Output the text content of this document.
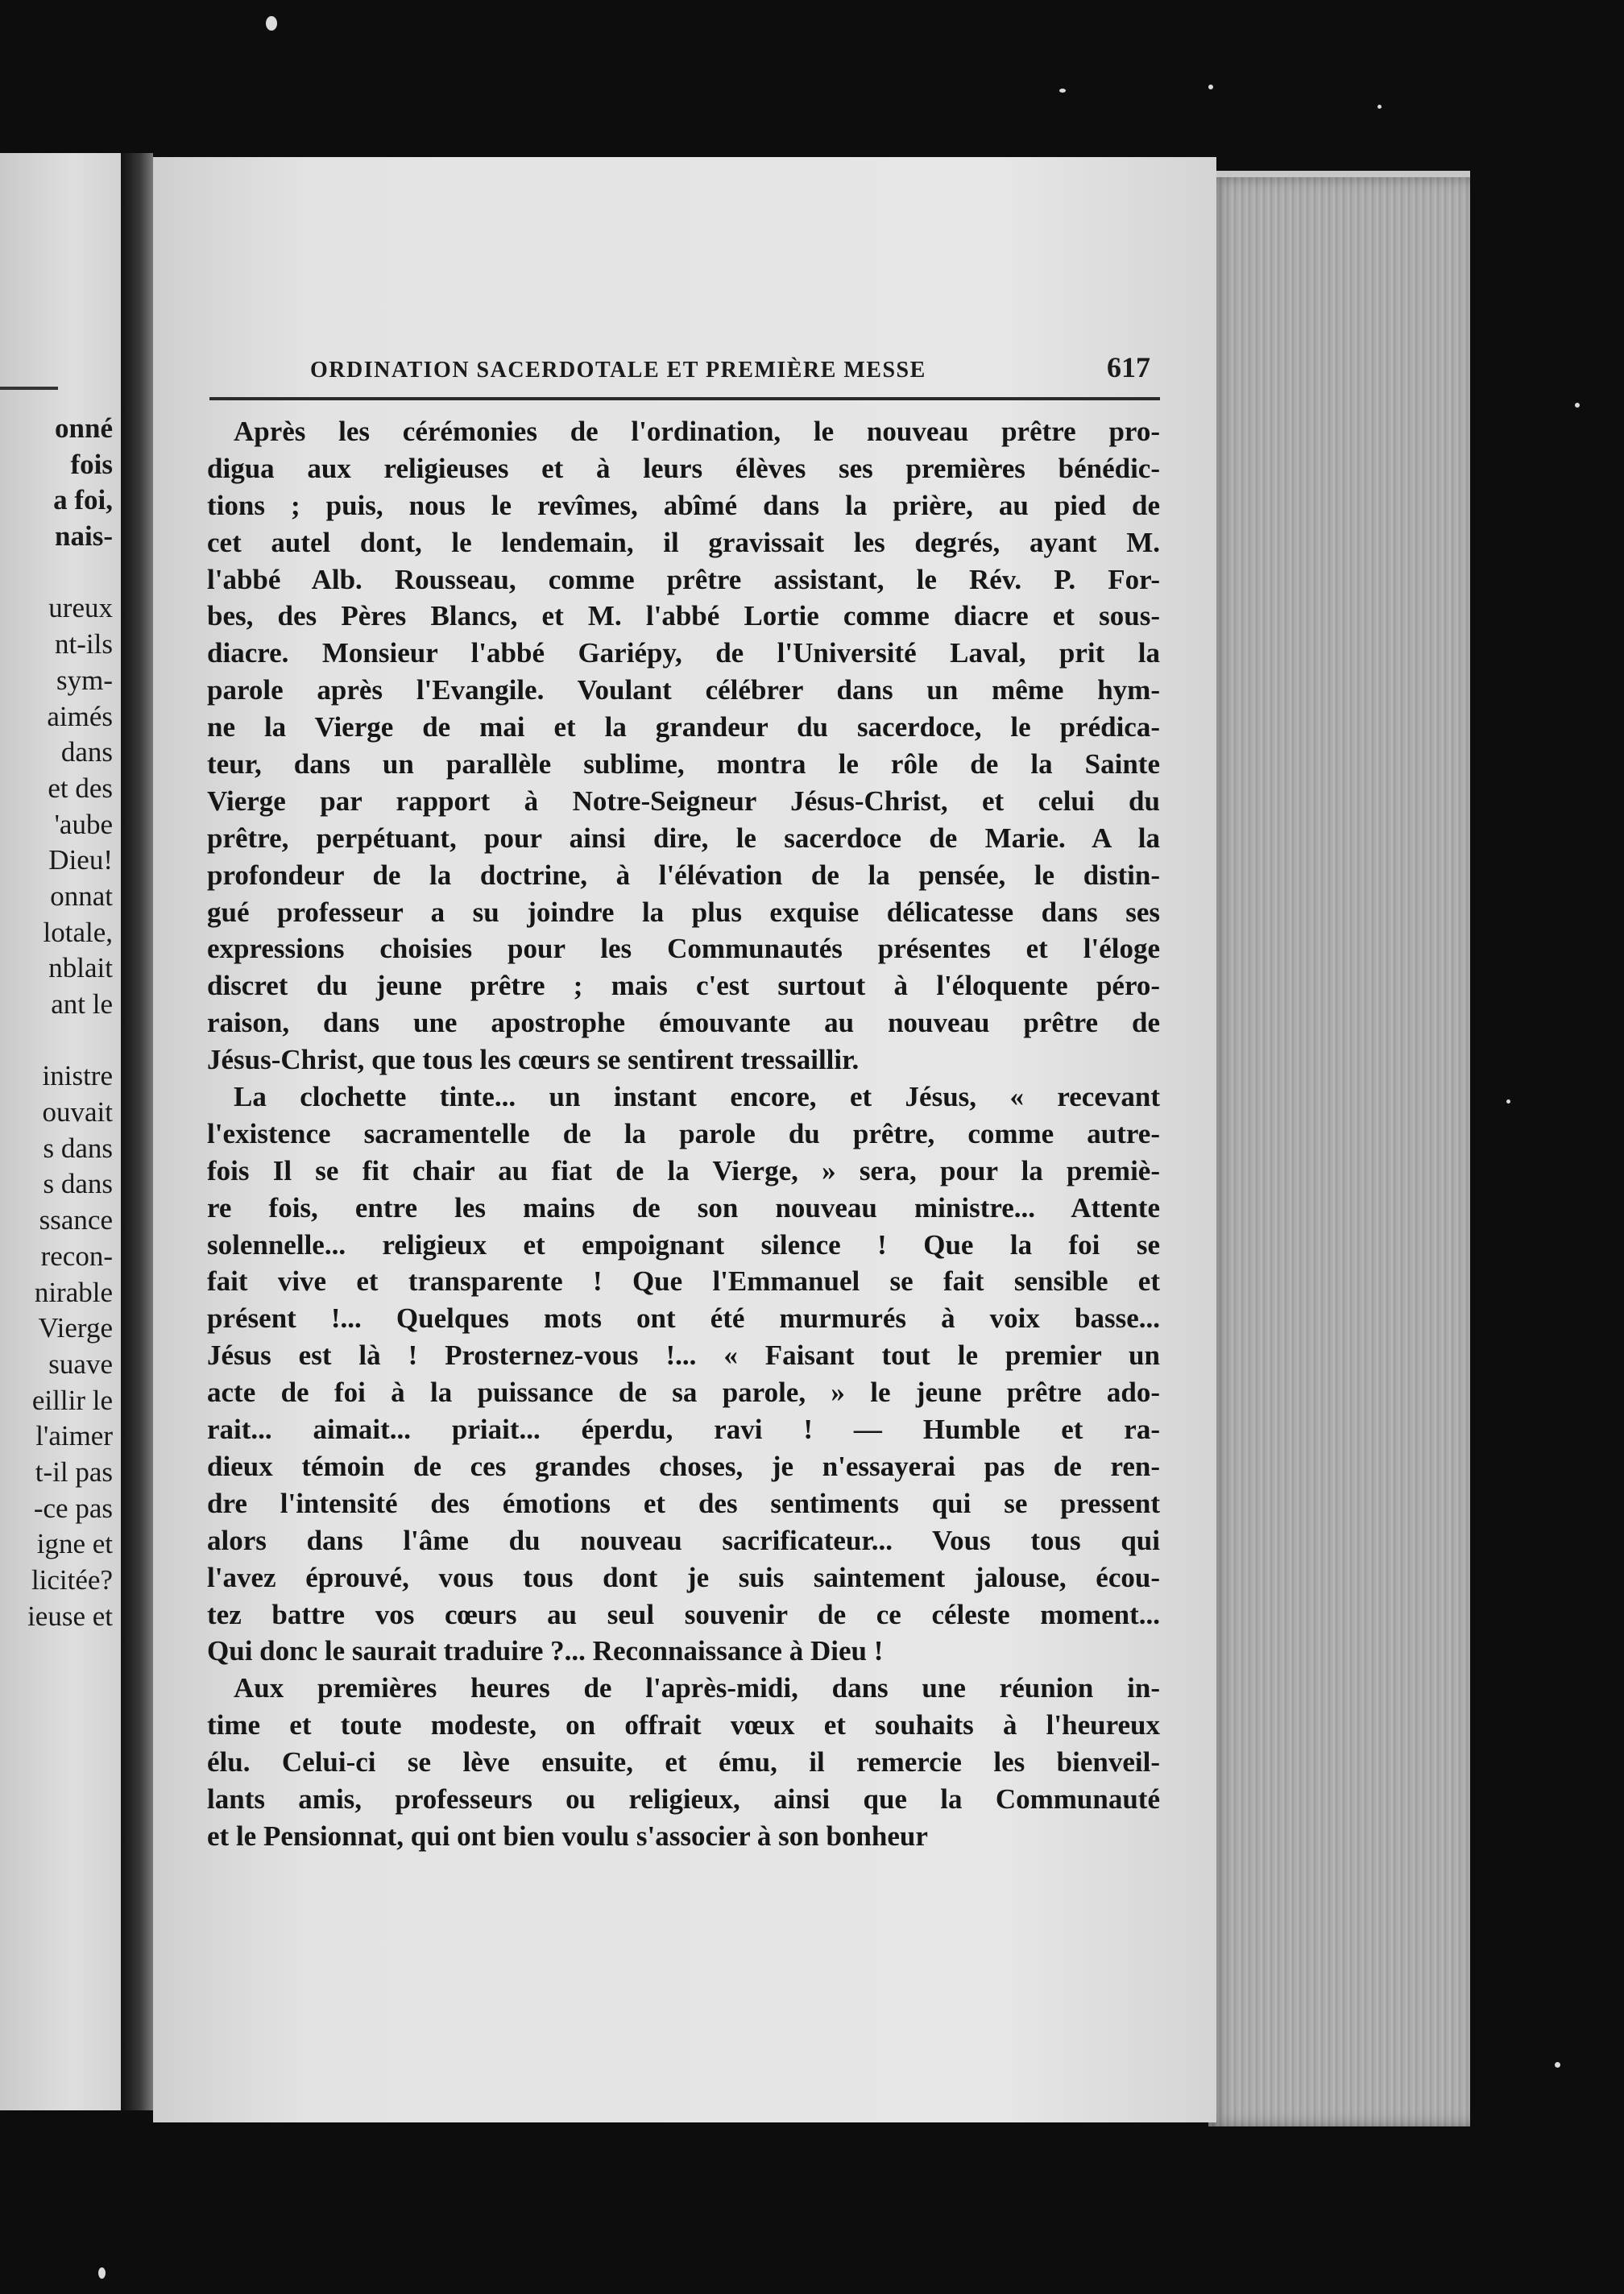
onné
fois
a foi,
nais-
ureux
nt-ils
sym-
aimés
dans
et des
'aube
Dieu!
onnat
lotale,
nblait
ant le
inistre
ouvait
s dans
s dans
ssance
recon-
nirable
Vierge
suave
eillir le
l'aimer
t-il pas
-ce pas
igne et
licitée?
ieuse et
ORDINATION SACERDOTALE ET PREMIÈRE MESSE	617
Après les cérémonies de l'ordination, le nouveau prêtre pro-
digua aux religieuses et à leurs élèves ses premières bénédic-
tions ; puis, nous le revîmes, abîmé dans la prière, au pied de
cet autel dont, le lendemain, il gravissait les degrés, ayant M.
l'abbé Alb. Rousseau, comme prêtre assistant, le Rév. P. For-
bes, des Pères Blancs, et M. l'abbé Lortie comme diacre et sous-
diacre. Monsieur l'abbé Gariépy, de l'Université Laval, prit la
parole après l'Evangile. Voulant célébrer dans un même hym-
ne la Vierge de mai et la grandeur du sacerdoce, le prédica-
teur, dans un parallèle sublime, montra le rôle de la Sainte
Vierge par rapport à Notre-Seigneur Jésus-Christ, et celui du
prêtre, perpétuant, pour ainsi dire, le sacerdoce de Marie. A la
profondeur de la doctrine, à l'élévation de la pensée, le distin-
gué professeur a su joindre la plus exquise délicatesse dans ses
expressions choisies pour les Communautés présentes et l'éloge
discret du jeune prêtre ; mais c'est surtout à l'éloquente péro-
raison, dans une apostrophe émouvante au nouveau prêtre de
Jésus-Christ, que tous les cœurs se sentirent tressaillir.
La clochette tinte... un instant encore, et Jésus, « recevant
l'existence sacramentelle de la parole du prêtre, comme autre-
fois Il se fit chair au fiat de la Vierge, » sera, pour la premiè-
re fois, entre les mains de son nouveau ministre... Attente
solennelle... religieux et empoignant silence ! Que la foi se
fait vive et transparente ! Que l'Emmanuel se fait sensible et
présent !... Quelques mots ont été murmurés à voix basse...
Jésus est là ! Prosternez-vous !... « Faisant tout le premier un
acte de foi à la puissance de sa parole, » le jeune prêtre ado-
rait... aimait... priait... éperdu, ravi ! — Humble et ra-
dieux témoin de ces grandes choses, je n'essayerai pas de ren-
dre l'intensité des émotions et des sentiments qui se pressent
alors dans l'âme du nouveau sacrificateur... Vous tous qui
l'avez éprouvé, vous tous dont je suis saintement jalouse, écou-
tez battre vos cœurs au seul souvenir de ce céleste moment...
Qui donc le saurait traduire ?... Reconnaissance à Dieu !
Aux premières heures de l'après-midi, dans une réunion in-
time et toute modeste, on offrait vœux et souhaits à l'heureux
élu. Celui-ci se lève ensuite, et ému, il remercie les bienveil-
lants amis, professeurs ou religieux, ainsi que la Communauté
et le Pensionnat, qui ont bien voulu s'associer à son bonheur
